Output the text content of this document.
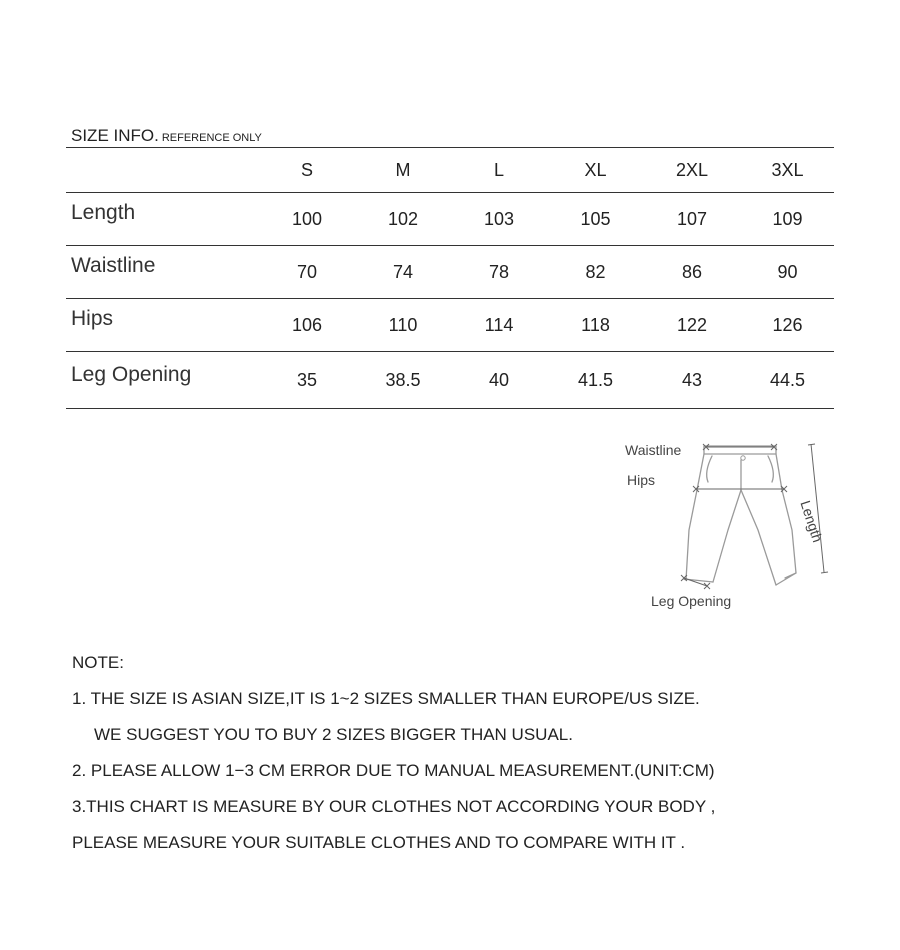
SIZE INFO. REFERENCE ONLY
	S	M	L	XL	2XL	3XL
Length	100	102	103	105	107	109
Waistline	70	74	78	82	86	90
Hips	106	110	114	118	122	126
Leg Opening	35	38.5	40	41.5	43	44.5
Waistline
Hips
Length
Leg Opening
NOTE:
1. THE SIZE IS ASIAN SIZE,IT IS 1~2 SIZES SMALLER THAN EUROPE/US SIZE.
WE SUGGEST YOU TO BUY 2 SIZES BIGGER THAN USUAL.
2. PLEASE ALLOW 1−3 CM ERROR DUE TO MANUAL MEASUREMENT.(UNIT:CM)
3.THIS CHART IS MEASURE BY OUR CLOTHES NOT ACCORDING YOUR BODY ,
PLEASE MEASURE YOUR SUITABLE CLOTHES AND TO COMPARE WITH IT .
